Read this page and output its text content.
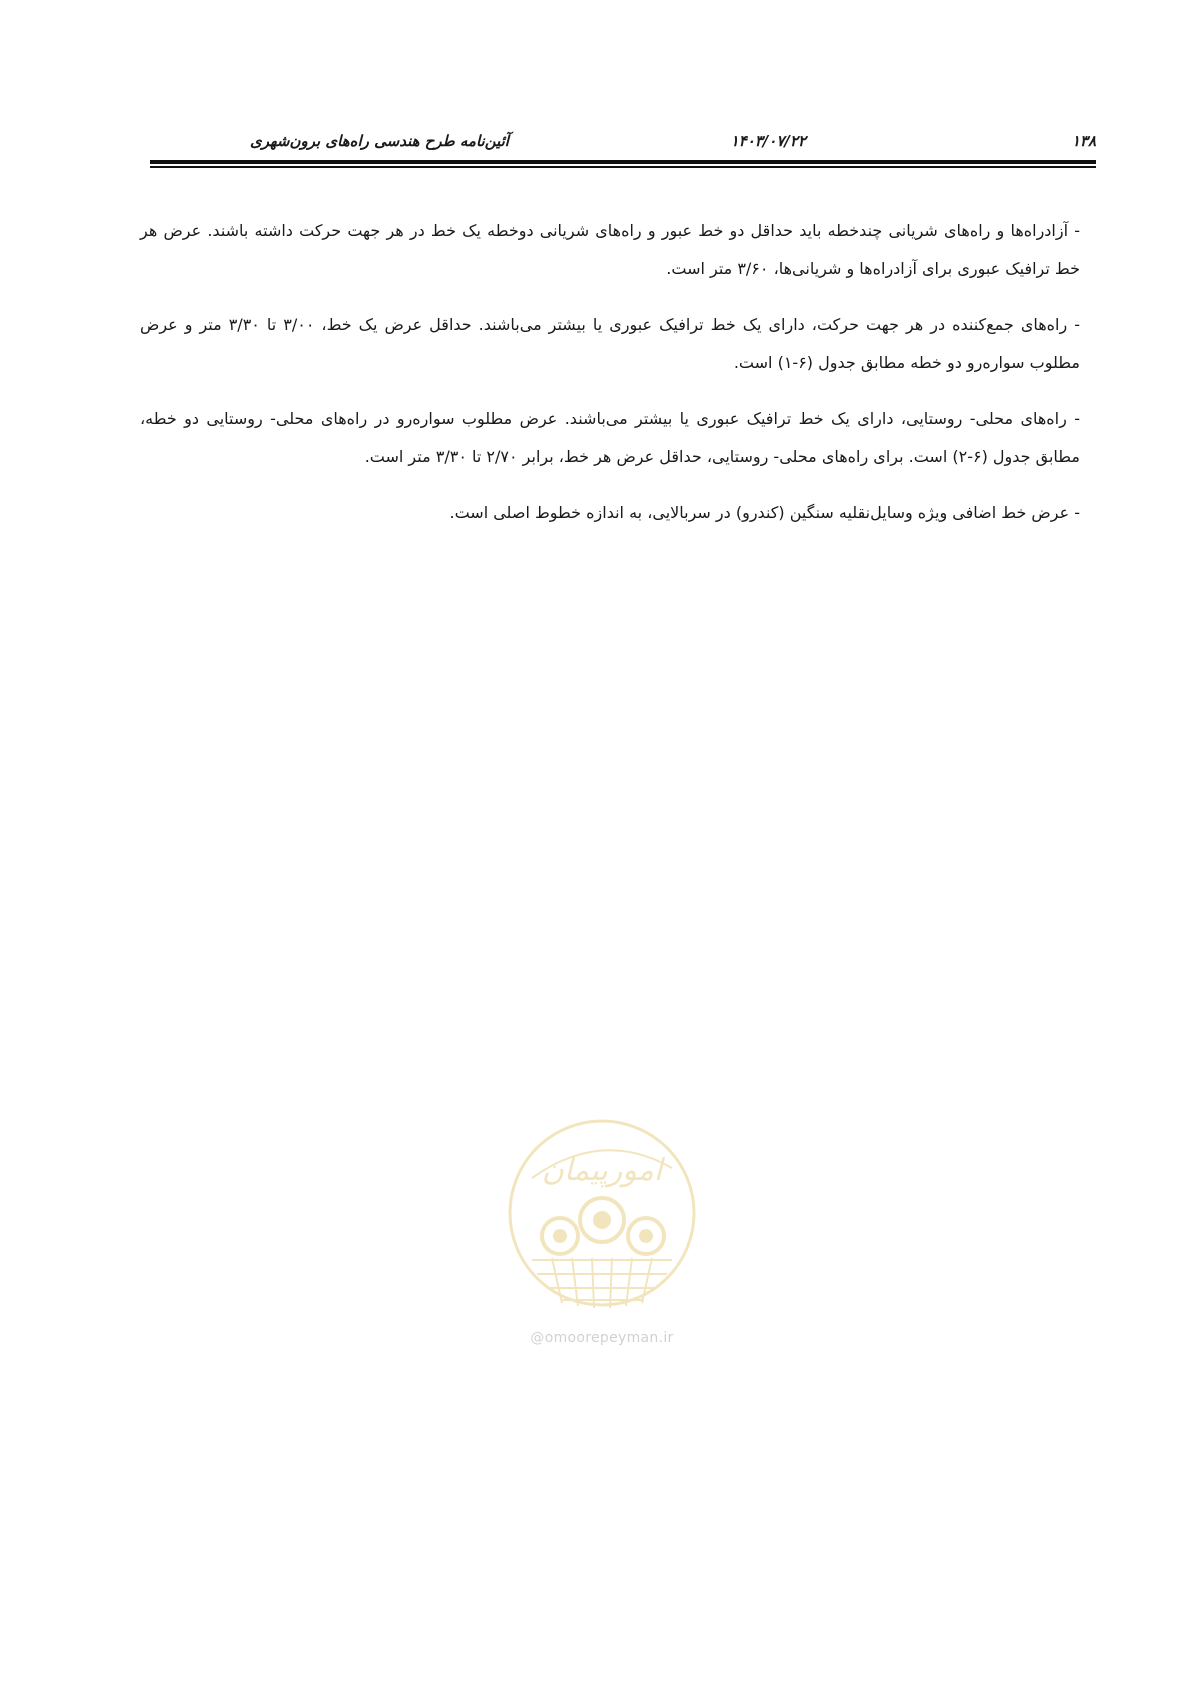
۱۳۸
۱۴۰۳/۰۷/۲۲
آئین‌نامه طرح هندسی راه‌های برون‌شهری

- آزادراه‌ها و راه‌های شریانی چندخطه باید حداقل دو خط عبور و راه‌های شریانی دوخطه یک خط در هر جهت حرکت داشته باشند. عرض هر خط ترافیک عبوری برای آزادراه‌ها و شریانی‌ها، ۳/۶۰ متر است.

- راه‌های جمع‌کننده در هر جهت حرکت، دارای یک خط ترافیک عبوری یا بیشتر می‌باشند. حداقل عرض یک خط، ۳/۰۰ تا ۳/۳۰ متر و عرض مطلوب سواره‌رو دو خطه مطابق جدول (۶-۱) است.

- راه‌های محلی- روستایی، دارای یک خط ترافیک عبوری یا بیشتر می‌باشند. عرض مطلوب سواره‌رو در راه‌های محلی- روستایی دو خطه، مطابق جدول (۶-۲) است. برای راه‌های محلی- روستایی، حداقل عرض هر خط، برابر ۲/۷۰ تا ۳/۳۰ متر است.

- عرض خط اضافی ویژه وسایل‌نقلیه سنگین (کندرو) در سربالایی، به اندازه خطوط اصلی است.

امورپیمان
@omoorepeyman.ir
